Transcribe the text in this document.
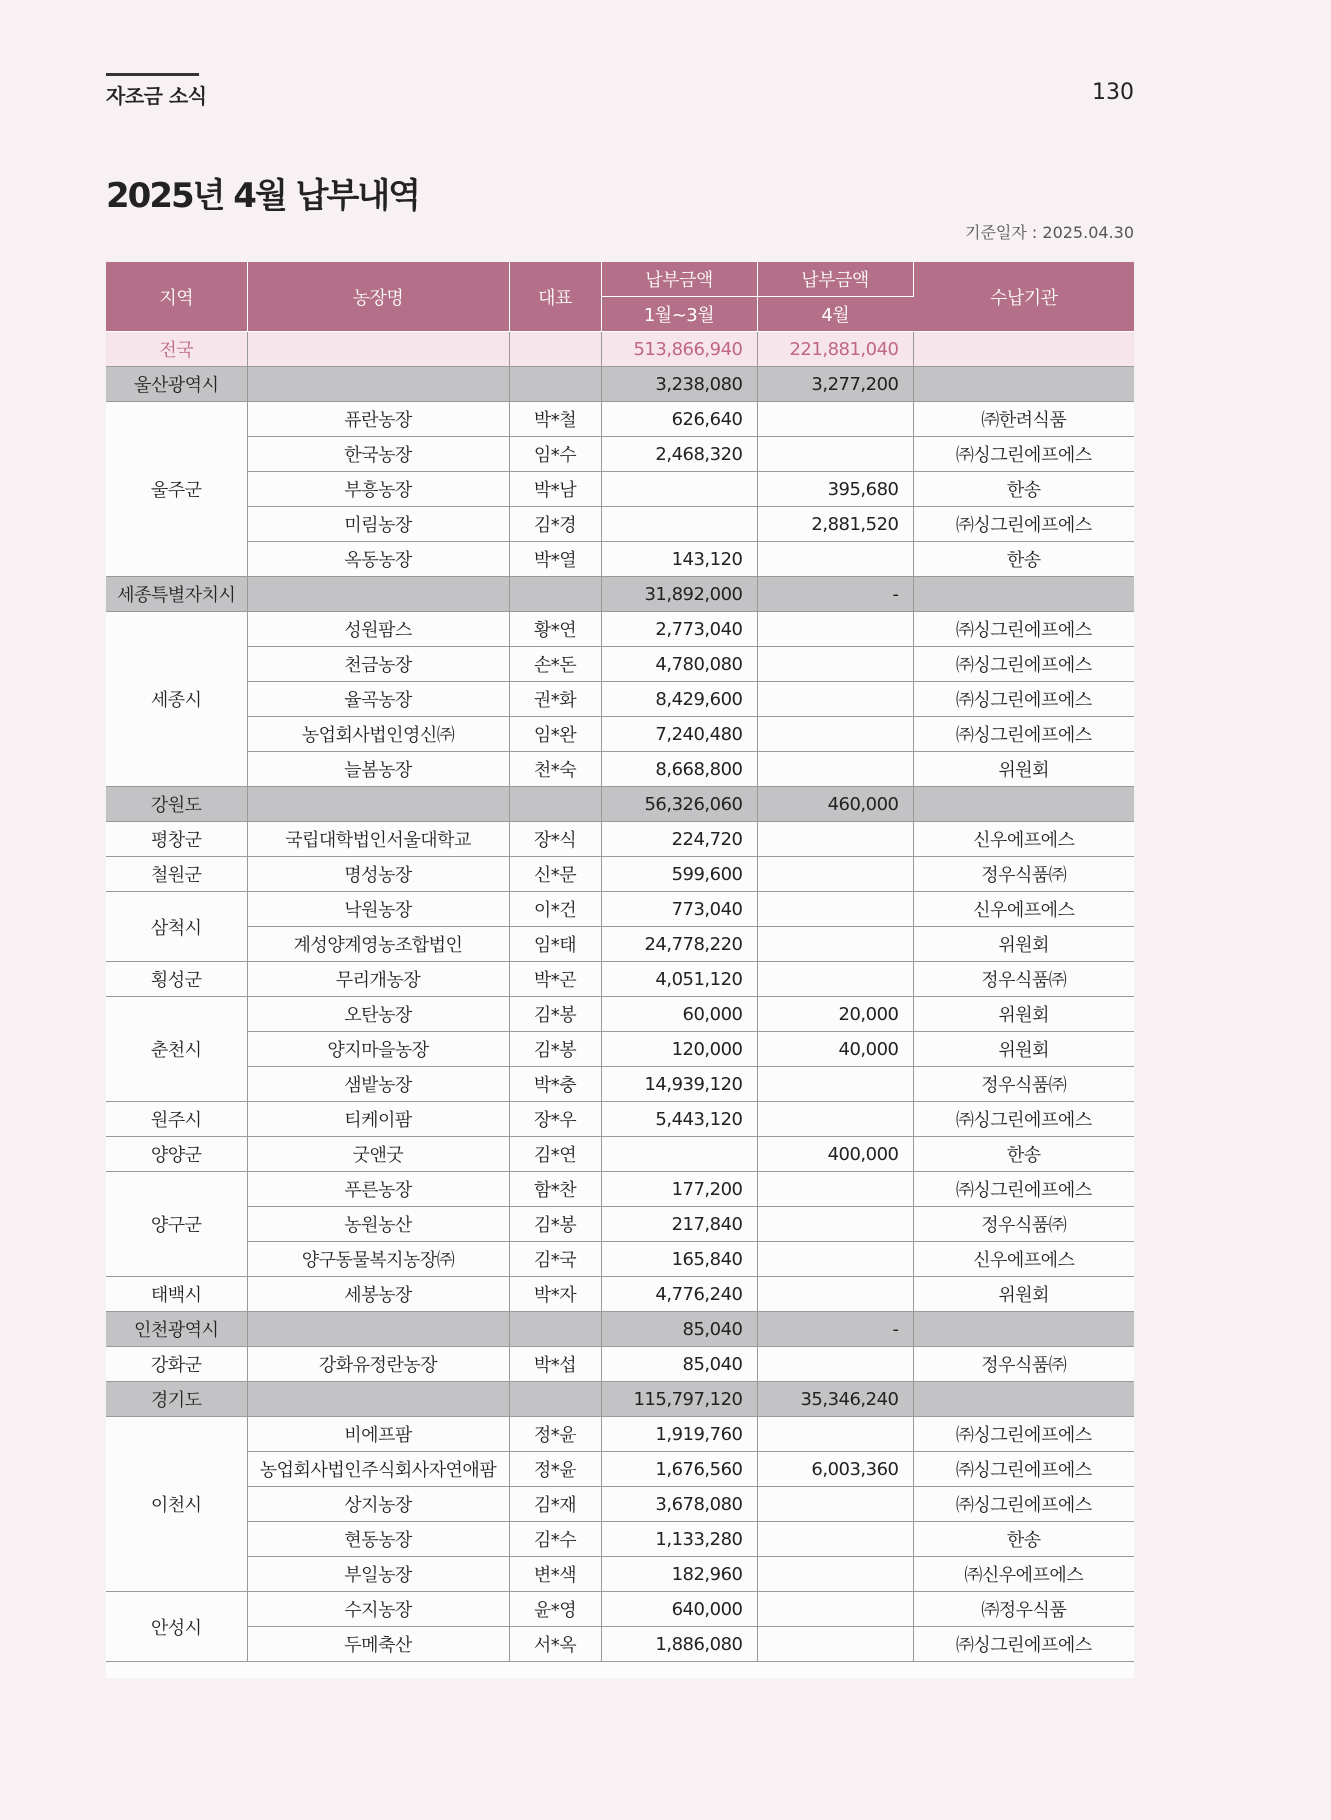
자조금 소식	130
2025년 4월 납부내역
기준일자 : 2025.04.30
지역	농장명	대표	납부금액	납부금액	수납기관
			1월~3월	4월	
전국			513,866,940	221,881,040	
울산광역시			3,238,080	3,277,200	
울주군	퓨란농장	박*철	626,640		㈜한려식품
	한국농장	임*수	2,468,320		㈜싱그린에프에스
	부흥농장	박*남		395,680	한송
	미림농장	김*경		2,881,520	㈜싱그린에프에스
	옥동농장	박*열	143,120		한송
세종특별자치시			31,892,000	-	
세종시	성원팜스	황*연	2,773,040		㈜싱그린에프에스
	천금농장	손*돈	4,780,080		㈜싱그린에프에스
	율곡농장	권*화	8,429,600		㈜싱그린에프에스
	농업회사법인영신㈜	임*완	7,240,480		㈜싱그린에프에스
	늘봄농장	천*숙	8,668,800		위원회
강원도			56,326,060	460,000	
평창군	국립대학법인서울대학교	장*식	224,720		신우에프에스
철원군	명성농장	신*문	599,600		정우식품㈜
삼척시	낙원농장	이*건	773,040		신우에프에스
	계성양계영농조합법인	임*태	24,778,220		위원회
횡성군	무리개농장	박*곤	4,051,120		정우식품㈜
춘천시	오탄농장	김*봉	60,000	20,000	위원회
	양지마을농장	김*봉	120,000	40,000	위원회
	샘밭농장	박*충	14,939,120		정우식품㈜
원주시	티케이팜	장*우	5,443,120		㈜싱그린에프에스
양양군	굿앤굿	김*연		400,000	한송
양구군	푸른농장	함*찬	177,200		㈜싱그린에프에스
	농원농산	김*봉	217,840		정우식품㈜
	양구동물복지농장㈜	김*국	165,840		신우에프에스
태백시	세봉농장	박*자	4,776,240		위원회
인천광역시			85,040	-	
강화군	강화유정란농장	박*섭	85,040		정우식품㈜
경기도			115,797,120	35,346,240	
이천시	비에프팜	정*윤	1,919,760		㈜싱그린에프에스
	농업회사법인주식회사자연애팜	정*윤	1,676,560	6,003,360	㈜싱그린에프에스
	상지농장	김*재	3,678,080		㈜싱그린에프에스
	현동농장	김*수	1,133,280		한송
	부일농장	변*색	182,960		㈜신우에프에스
안성시	수지농장	윤*영	640,000		㈜정우식품
	두메축산	서*옥	1,886,080		㈜싱그린에프에스
